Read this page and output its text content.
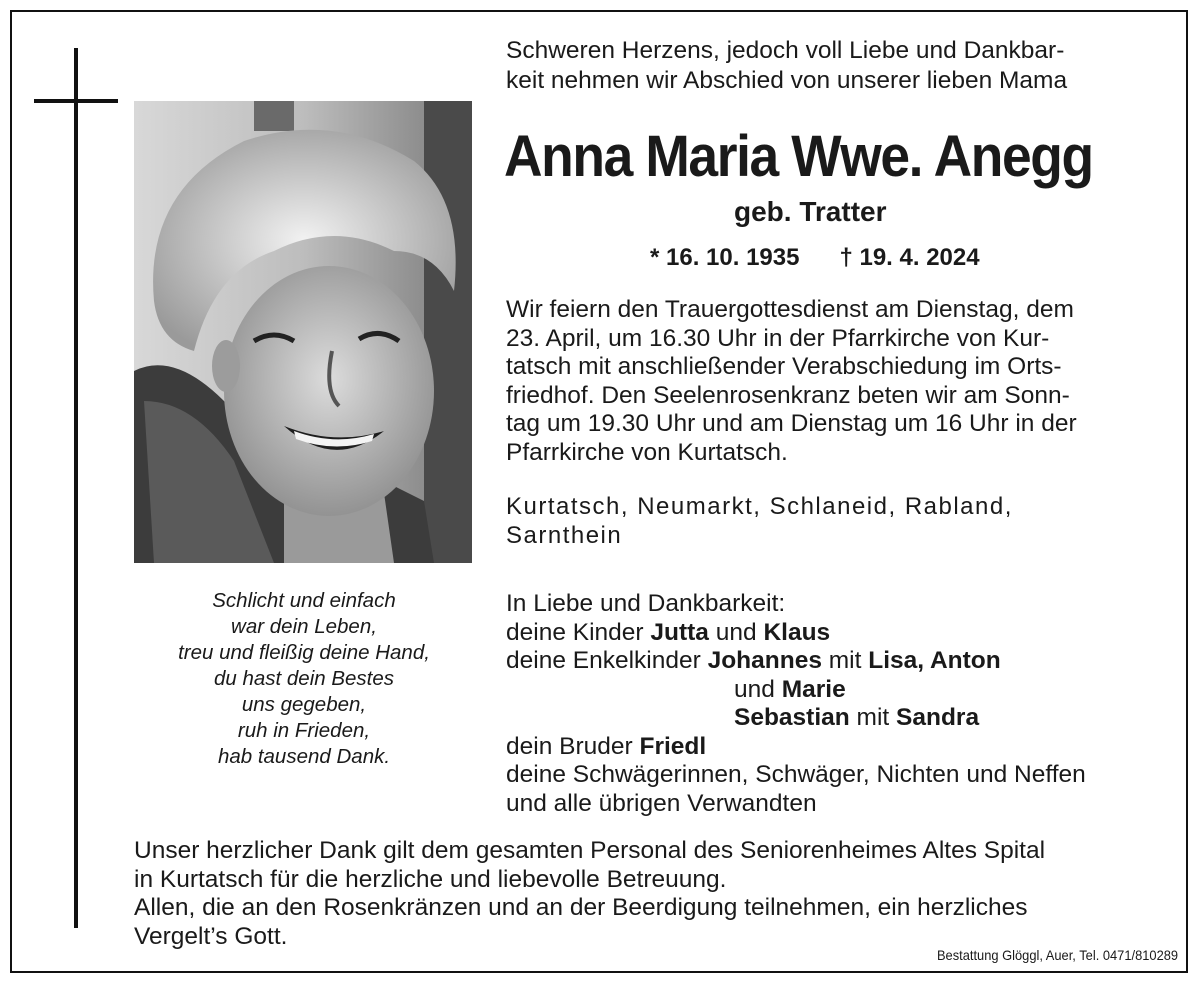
Schweren Herzens, jedoch voll Liebe und Dankbar-
keit nehmen wir Abschied von unserer lieben Mama
Anna Maria Wwe. Anegg
geb. Tratter
* 16. 10. 1935 † 19. 4. 2024
Wir feiern den Trauergottesdienst am Dienstag, dem
23. April, um 16.30 Uhr in der Pfarrkirche von Kur-
tatsch mit anschließender Verabschiedung im Orts-
friedhof. Den Seelenrosenkranz beten wir am Sonn-
tag um 19.30 Uhr und am Dienstag um 16 Uhr in der
Pfarrkirche von Kurtatsch.
Kurtatsch, Neumarkt, Schlaneid, Rabland,
Sarnthein
Schlicht und einfach
war dein Leben,
treu und fleißig deine Hand,
du hast dein Bestes
uns gegeben,
ruh in Frieden,
hab tausend Dank.
In Liebe und Dankbarkeit:
deine Kinder Jutta und Klaus
deine Enkelkinder Johannes mit Lisa, Anton
und Marie
Sebastian mit Sandra
dein Bruder Friedl
deine Schwägerinnen, Schwäger, Nichten und Neffen
und alle übrigen Verwandten
Unser herzlicher Dank gilt dem gesamten Personal des Seniorenheimes Altes Spital
in Kurtatsch für die herzliche und liebevolle Betreuung.
Allen, die an den Rosenkränzen und an der Beerdigung teilnehmen, ein herzliches
Vergelt’s Gott.
Bestattung Glöggl, Auer, Tel. 0471/810289
